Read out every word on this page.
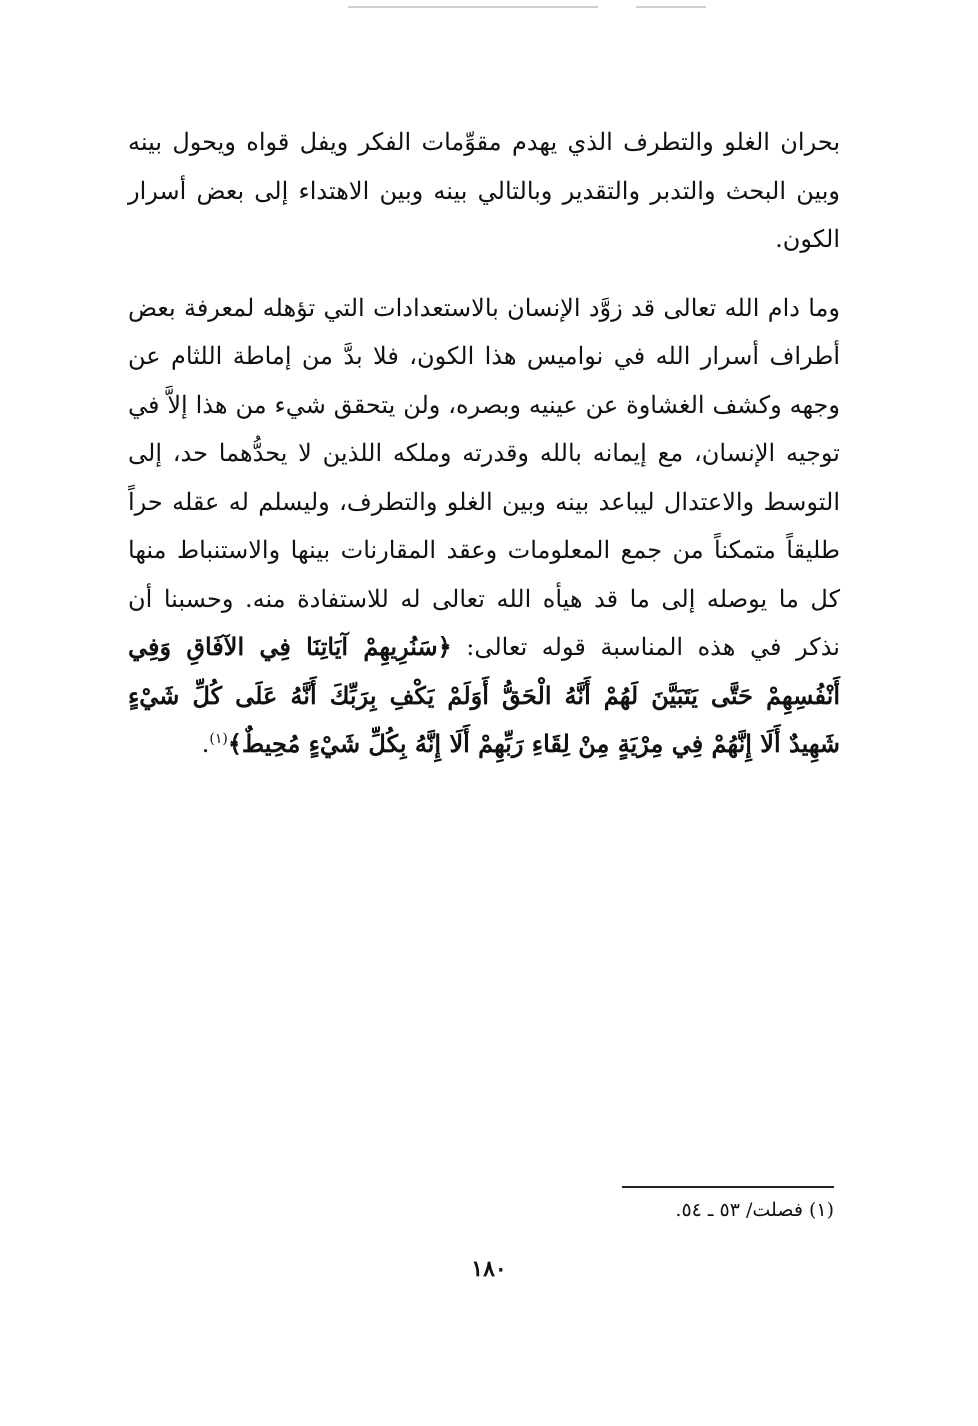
بحران الغلو والتطرف الذي يهدم مقوِّمات الفكر ويفل قواه ويحول بينه وبين البحث والتدبر والتقدير وبالتالي بينه وبين الاهتداء إلى بعض أسرار الكون.

وما دام الله تعالى قد زوَّد الإنسان بالاستعدادات التي تؤهله لمعرفة بعض أطراف أسرار الله في نواميس هذا الكون، فلا بدَّ من إماطة اللثام عن وجهه وكشف الغشاوة عن عينيه وبصره، ولن يتحقق شيء من هذا إلاَّ في توجيه الإنسان، مع إيمانه بالله وقدرته وملكه اللذين لا يحدُّهما حد، إلى التوسط والاعتدال ليباعد بينه وبين الغلو والتطرف، وليسلم له عقله حراً طليقاً متمكناً من جمع المعلومات وعقد المقارنات بينها والاستنباط منها كل ما يوصله إلى ما قد هيأه الله تعالى له للاستفادة منه. وحسبنا أن نذكر في هذه المناسبة قوله تعالى: ﴿سَنُرِيهِمْ آيَاتِنَا فِي الآفَاقِ وَفِي أَنْفُسِهِمْ حَتَّى يَتَبَيَّنَ لَهُمْ أَنَّهُ الْحَقُّ أَوَلَمْ يَكْفِ بِرَبِّكَ أَنَّهُ عَلَى كُلِّ شَيْءٍ شَهِيدٌ أَلَا إِنَّهُمْ فِي مِرْيَةٍ مِنْ لِقَاءِ رَبِّهِمْ أَلَا إِنَّهُ بِكُلِّ شَيْءٍ مُحِيطٌ﴾$^{(١)}$.

(١) فصلت/ ٥٣ ـ ٥٤.
١٨٠
